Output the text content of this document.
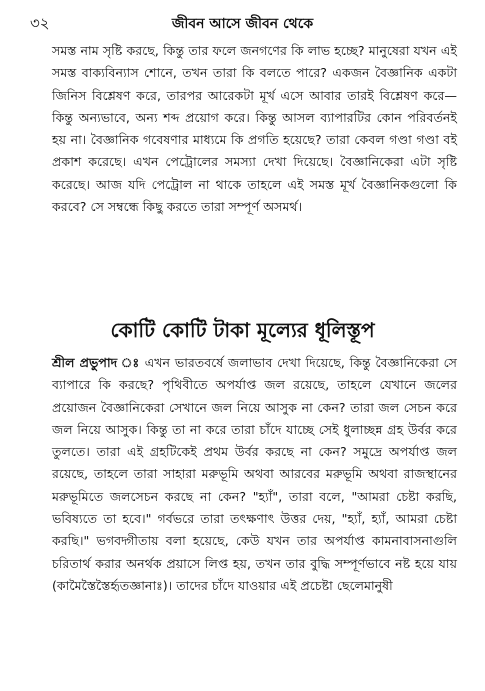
৩২	জীবন আসে জীবন থেকে

সমস্ত নাম সৃষ্টি করছে, কিন্তু তার ফলে জনগণের কি লাভ হচ্ছে? মানুষেরা যখন এই সমস্ত বাক্যবিন্যাস শোনে, তখন তারা কি বলতে পারে? একজন বৈজ্ঞানিক একটা জিনিস বিশ্লেষণ করে, তারপর আরেকটা মূর্খ এসে আবার তারই বিশ্লেষণ করে—কিন্তু অন্যভাবে, অন্য শব্দ প্রয়োগ করে। কিন্তু আসল ব্যাপারটির কোন পরিবর্তনই হয় না। বৈজ্ঞানিক গবেষণার মাধ্যমে কি প্রগতি হয়েছে? তারা কেবল গণ্ডা গণ্ডা বই প্রকাশ করেছে। এখন পেট্রোলের সমস্যা দেখা দিয়েছে। বৈজ্ঞানিকেরা এটা সৃষ্টি করেছে। আজ যদি পেট্রোল না থাকে তাহলে এই সমস্ত মূর্খ বৈজ্ঞানিকগুলো কি করবে? সে সম্বন্ধে কিছু করতে তারা সম্পূর্ণ অসমর্থ।

কোটি কোটি টাকা মূল্যের ধূলিস্তূপ

শ্রীল প্রভুপাদ ঃ এখন ভারতবর্ষে জলাভাব দেখা দিয়েছে, কিন্তু বৈজ্ঞানিকেরা সে ব্যাপারে কি করছে? পৃথিবীতে অপর্যাপ্ত জল রয়েছে, তাহলে যেখানে জলের প্রয়োজন বৈজ্ঞানিকেরা সেখানে জল নিয়ে আসুক না কেন? তারা জল সেচন করে জল নিয়ে আসুক। কিন্তু তা না করে তারা চাঁদে যাচ্ছে সেই ধুলাচ্ছন্ন গ্রহ উর্বর করে তুলতে। তারা এই গ্রহটিকেই প্রথম উর্বর করছে না কেন? সমুদ্রে অপর্যাপ্ত জল রয়েছে, তাহলে তারা সাহারা মরুভূমি অথবা আরবের মরুভূমি অথবা রাজস্থানের মরুভূমিতে জলসেচন করছে না কেন? "হ্যাঁ", তারা বলে, "আমরা চেষ্টা করছি, ভবিষ্যতে তা হবে।" গর্বভরে তারা তৎক্ষণাৎ উত্তর দেয়, "হ্যাঁ, হ্যাঁ, আমরা চেষ্টা করছি।" ভগবদ্গীতায় বলা হয়েছে, কেউ যখন তার অপর্যাপ্ত কামনাবাসনাগুলি চরিতার্থ করার অনর্থক প্রয়াসে লিপ্ত হয়, তখন তার বুদ্ধি সম্পূর্ণভাবে নষ্ট হয়ে যায় (কামৈস্তৈস্তৈর্হৃতজ্ঞানাঃ)। তাদের চাঁদে যাওয়ার এই প্রচেষ্টা ছেলেমানুষী
